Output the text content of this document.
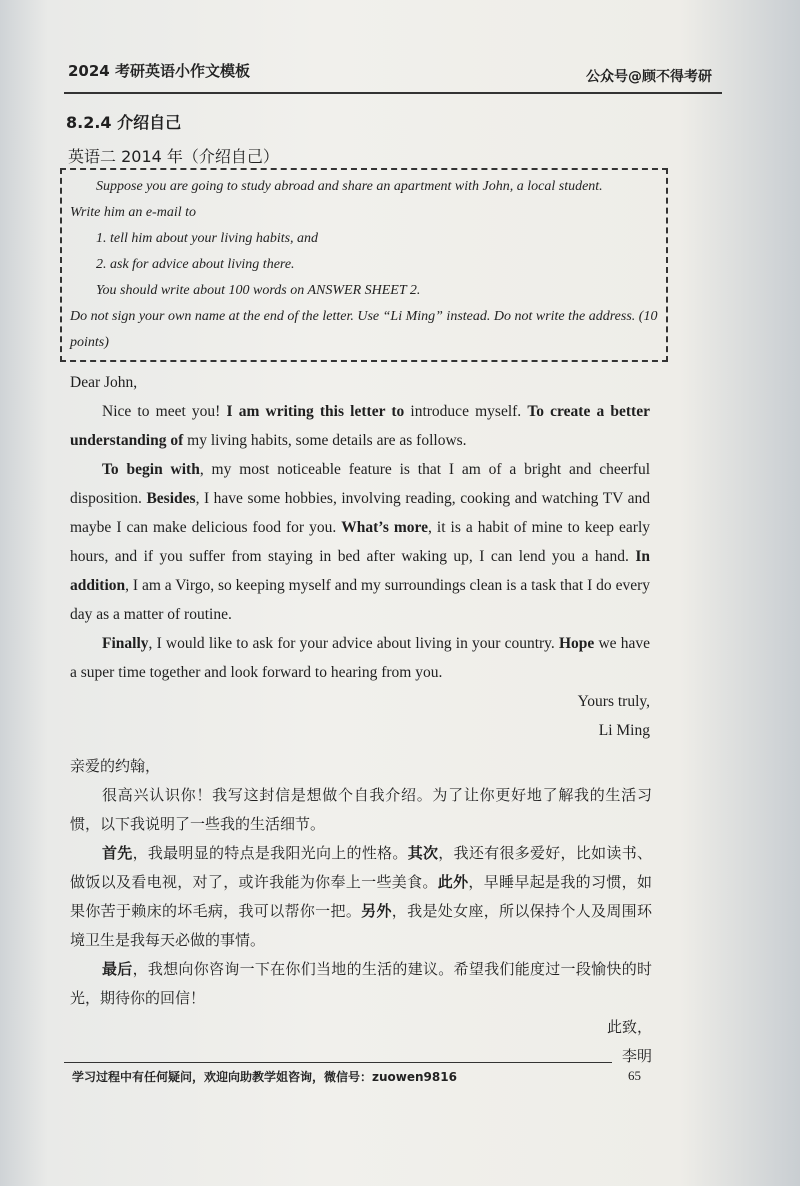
2024 考研英语小作文模板	公众号@顾不得考研
8.2.4 介绍自己
英语二 2014 年（介绍自己）

Suppose you are going to study abroad and share an apartment with John, a local student.

Write him an e-mail to

1. tell him about your living habits, and

2. ask for advice about living there.

You should write about 100 words on ANSWER SHEET 2.

Do not sign your own name at the end of the letter. Use “Li Ming” instead. Do not write the address. (10 points)

Dear John,

Nice to meet you! I am writing this letter to introduce myself. To create a better understanding of my living habits, some details are as follows.

To begin with, my most noticeable feature is that I am of a bright and cheerful disposition. Besides, I have some hobbies, involving reading, cooking and watching TV and maybe I can make delicious food for you. What’s more, it is a habit of mine to keep early hours, and if you suffer from staying in bed after waking up, I can lend you a hand. In addition, I am a Virgo, so keeping myself and my surroundings clean is a task that I do every day as a matter of routine.

Finally, I would like to ask for your advice about living in your country. Hope we have a super time together and look forward to hearing from you.

Yours truly,

Li Ming

亲爱的约翰，

很高兴认识你！我写这封信是想做个自我介绍。为了让你更好地了解我的生活习惯，以下我说明了一些我的生活细节。

首先，我最明显的特点是我阳光向上的性格。其次，我还有很多爱好，比如读书、做饭以及看电视，对了，或许我能为你奉上一些美食。此外，早睡早起是我的习惯，如果你苦于赖床的坏毛病，我可以帮你一把。另外，我是处女座，所以保持个人及周围环境卫生是我每天必做的事情。

最后，我想向你咨询一下在你们当地的生活的建议。希望我们能度过一段愉快的时光，期待你的回信！

此致，

李明

学习过程中有任何疑问，欢迎向助教学姐咨询，微信号：zuowen9816	65
